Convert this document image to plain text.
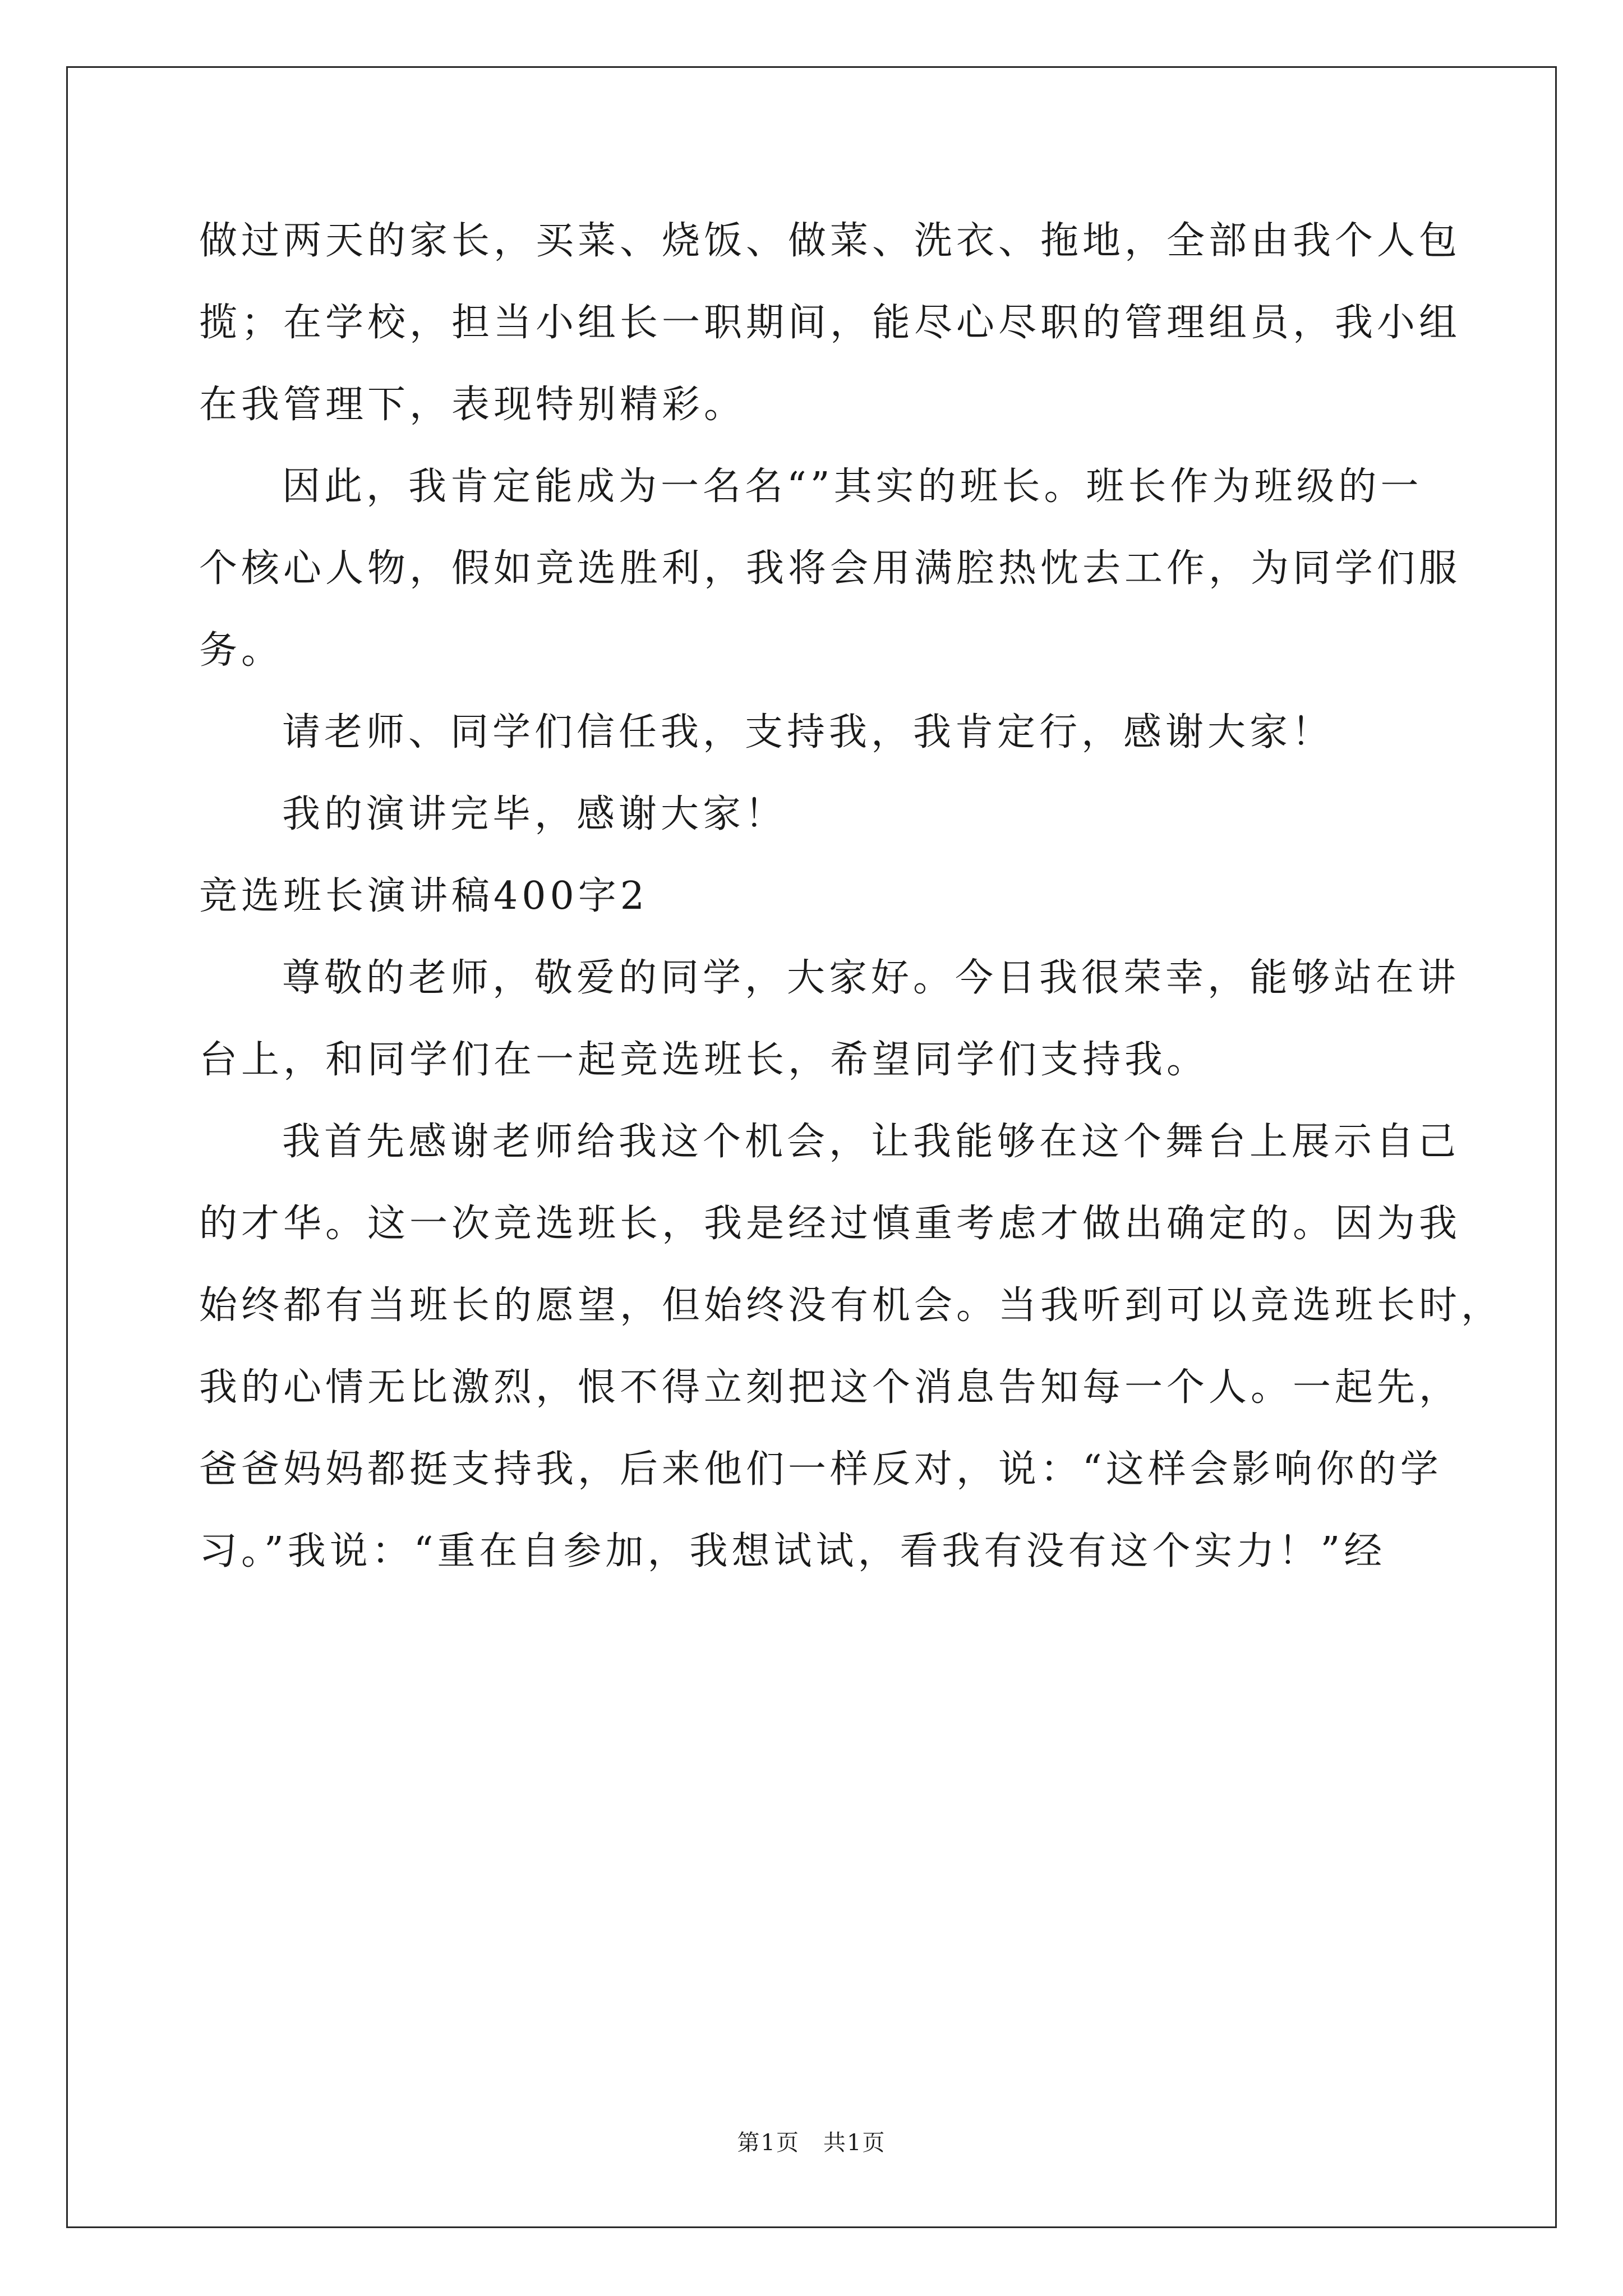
做过两天的家长，买菜、烧饭、做菜、洗衣、拖地，全部由我个人包
揽；在学校，担当小组长一职期间，能尽心尽职的管理组员，我小组
在我管理下，表现特别精彩。
因此，我肯定能成为一名名“”其实的班长。班长作为班级的一
个核心人物，假如竞选胜利，我将会用满腔热忱去工作，为同学们服
务。
请老师、同学们信任我，支持我，我肯定行，感谢大家！
我的演讲完毕，感谢大家！
竞选班长演讲稿400字2
尊敬的老师，敬爱的同学，大家好。今日我很荣幸，能够站在讲
台上，和同学们在一起竞选班长，希望同学们支持我。
我首先感谢老师给我这个机会，让我能够在这个舞台上展示自己
的才华。这一次竞选班长，我是经过慎重考虑才做出确定的。因为我
始终都有当班长的愿望，但始终没有机会。当我听到可以竞选班长时，
我的心情无比激烈，恨不得立刻把这个消息告知每一个人。一起先，
爸爸妈妈都挺支持我，后来他们一样反对，说：“这样会影响你的学
习。”我说：“重在自参加，我想试试，看我有没有这个实力！”经
第1页　共1页
